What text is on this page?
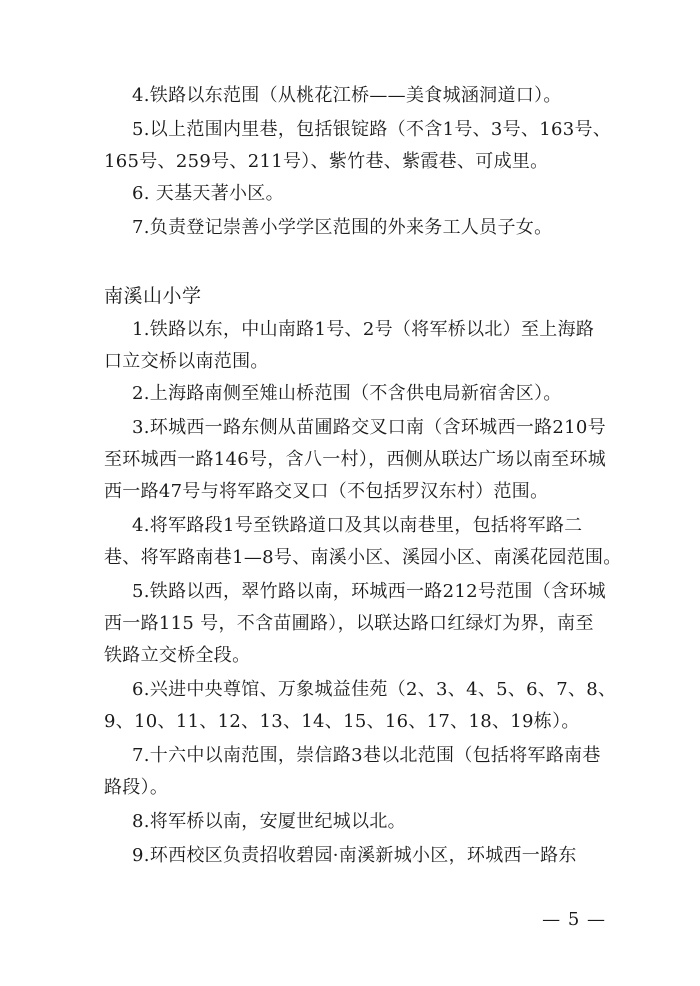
4.铁路以东范围（从桃花江桥——美食城涵洞道口）。
5.以上范围内里巷，包括银锭路（不含1号、3号、163号、
165号、259号、211号）、紫竹巷、紫霞巷、可成里。
6. 天基天著小区。
7.负责登记崇善小学学区范围的外来务工人员子女。
南溪山小学
1.铁路以东，中山南路1号、2号（将军桥以北）至上海路
口立交桥以南范围。
2.上海路南侧至雉山桥范围（不含供电局新宿舍区）。
3.环城西一路东侧从苗圃路交叉口南（含环城西一路210号
至环城西一路146号，含八一村），西侧从联达广场以南至环城
西一路47号与将军路交叉口（不包括罗汉东村）范围。
4.将军路段1号至铁路道口及其以南巷里，包括将军路二
巷、将军路南巷1—8号、南溪小区、溪园小区、南溪花园范围。
5.铁路以西，翠竹路以南，环城西一路212号范围（含环城
西一路115 号，不含苗圃路），以联达路口红绿灯为界，南至
铁路立交桥全段。
6.兴进中央尊馆、万象城益佳苑（2、3、4、5、6、7、8、
9、10、11、12、13、14、15、16、17、18、19栋）。
7.十六中以南范围，崇信路3巷以北范围（包括将军路南巷
路段）。
8.将军桥以南，安厦世纪城以北。
9.环西校区负责招收碧园·南溪新城小区，环城西一路东
— 5 —
